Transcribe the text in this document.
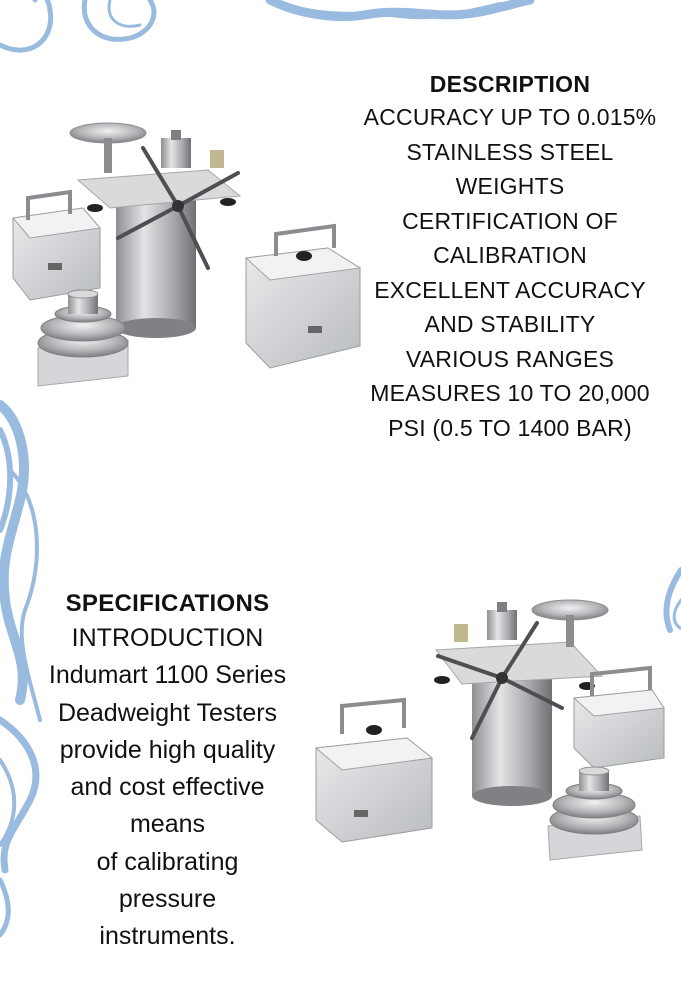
DESCRIPTION
ACCURACY UP TO 0.015%
STAINLESS STEEL
WEIGHTS
CERTIFICATION OF
CALIBRATION
EXCELLENT ACCURACY
AND STABILITY
VARIOUS RANGES
MEASURES 10 TO 20,000
PSI (0.5 TO 1400 BAR)
SPECIFICATIONS
INTRODUCTION
Indumart 1100 Series
Deadweight Testers
provide high quality
and cost effective
means
of calibrating
pressure
instruments.
